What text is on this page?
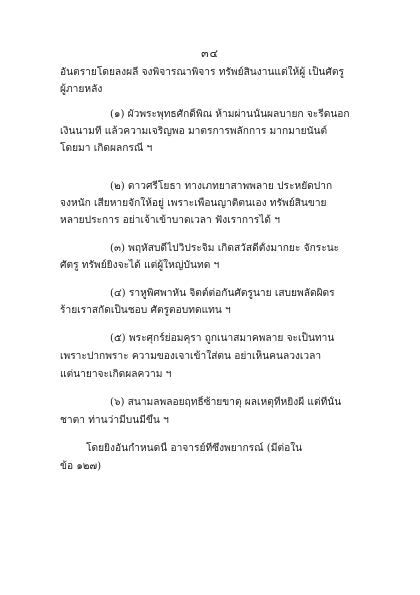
๓๔
อันตรายโดยลงผลี จงพิจารณาพิจาร ทรัพย์สินงานแต่ให้ผู้ เป็นศัตรู
ผู้ภายหลัง
(๑) ผัวพระพุทธศักดิ์พิณ ห้ามผ่านนั้นผลบายก จะรีดนอก
เงินนามที่ แล้วความเจริญพอ มาตรการพลักการ มากมายนันต์
โดยมา เกิดผลกรณี ฯ
(๒) ดาวศรีโยธา ทางเภทยาสาพพลาย ประหยัดปาก
จงหนัก เสียหายจักให้อยู่ เพราะเพื่อนญาติตนเอง ทรัพย์สินขาย
หลายประการ อย่าเจ้าเข้าบาดเวลา ฟังเราการได้ ฯ
(๓) พฤหัสบดีไปวิประจิม เกิดสวัสดีตั้งมากยะ จักระนะ
ศัตรู ทรัพย์ยิ่งจะได้ แต่ผู้ใหญ่บันทด ฯ
(๔) ราหูพิศพาหัน จิตต์ต่อกันศัตรูนาย เสบยพลัดผิดร
ร้ายเราสกัดเป็นชอบ ศัตรูตอบทดแทน ฯ
(๕) พระศุกร์ย่อมคุรา ถูกเนาสมาคพลาย จะเป็นทาน
เพราะปากพราะ ความของเจาเข้าใส่ตน อย่าเห็นคนลวงเวลา
แต่นายาจะเกิดผลความ ฯ
(๖) สนามลพลอยฤทธิ์ซ้ายขาตุ ผลเหตุที่หยิ่งผี แต่ที่นั้น
ชาตา ท่านว่ามีบนมีขึ้น ฯ
โดยยิ่งอันกำหนดนี้ อาจารย์ที่ซึ่งพยากรณ์ (มีต่อใน
ข้อ ๑๒๗)
